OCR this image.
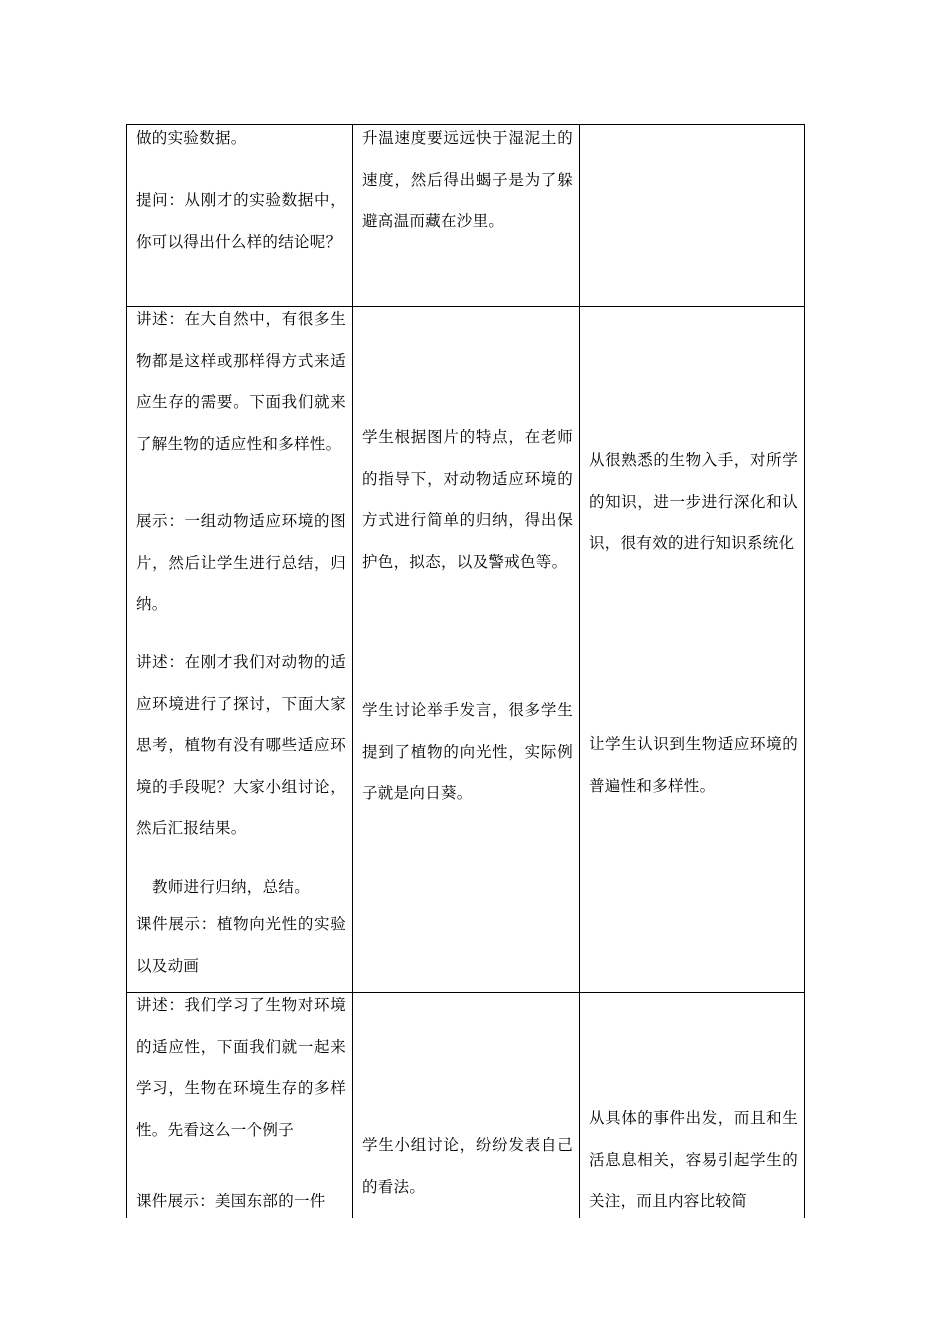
做的实验数据。

提问：从刚才的实验数据中，你可以得出什么样的结论呢？

升温速度要远远快于湿泥土的速度，然后得出蝎子是为了躲避高温而藏在沙里。

讲述：在大自然中，有很多生物都是这样或那样得方式来适应生存的需要。下面我们就来了解生物的适应性和多样性。

展示：一组动物适应环境的图片，然后让学生进行总结，归纳。

讲述：在刚才我们对动物的适应环境进行了探讨，下面大家思考，植物有没有哪些适应环境的手段呢？大家小组讨论，然后汇报结果。

教师进行归纳，总结。

课件展示：植物向光性的实验以及动画

学生根据图片的特点，在老师的指导下，对动物适应环境的方式进行简单的归纳，得出保护色，拟态，以及警戒色等。

学生讨论举手发言，很多学生提到了植物的向光性，实际例子就是向日葵。

从很熟悉的生物入手，对所学的知识，进一步进行深化和认识，很有效的进行知识系统化

让学生认识到生物适应环境的普遍性和多样性。

讲述：我们学习了生物对环境的适应性，下面我们就一起来学习，生物在环境生存的多样性。先看这么一个例子

课件展示：美国东部的一件

学生小组讨论，纷纷发表自己的看法。

从具体的事件出发，而且和生活息息相关，容易引起学生的关注，而且内容比较简
